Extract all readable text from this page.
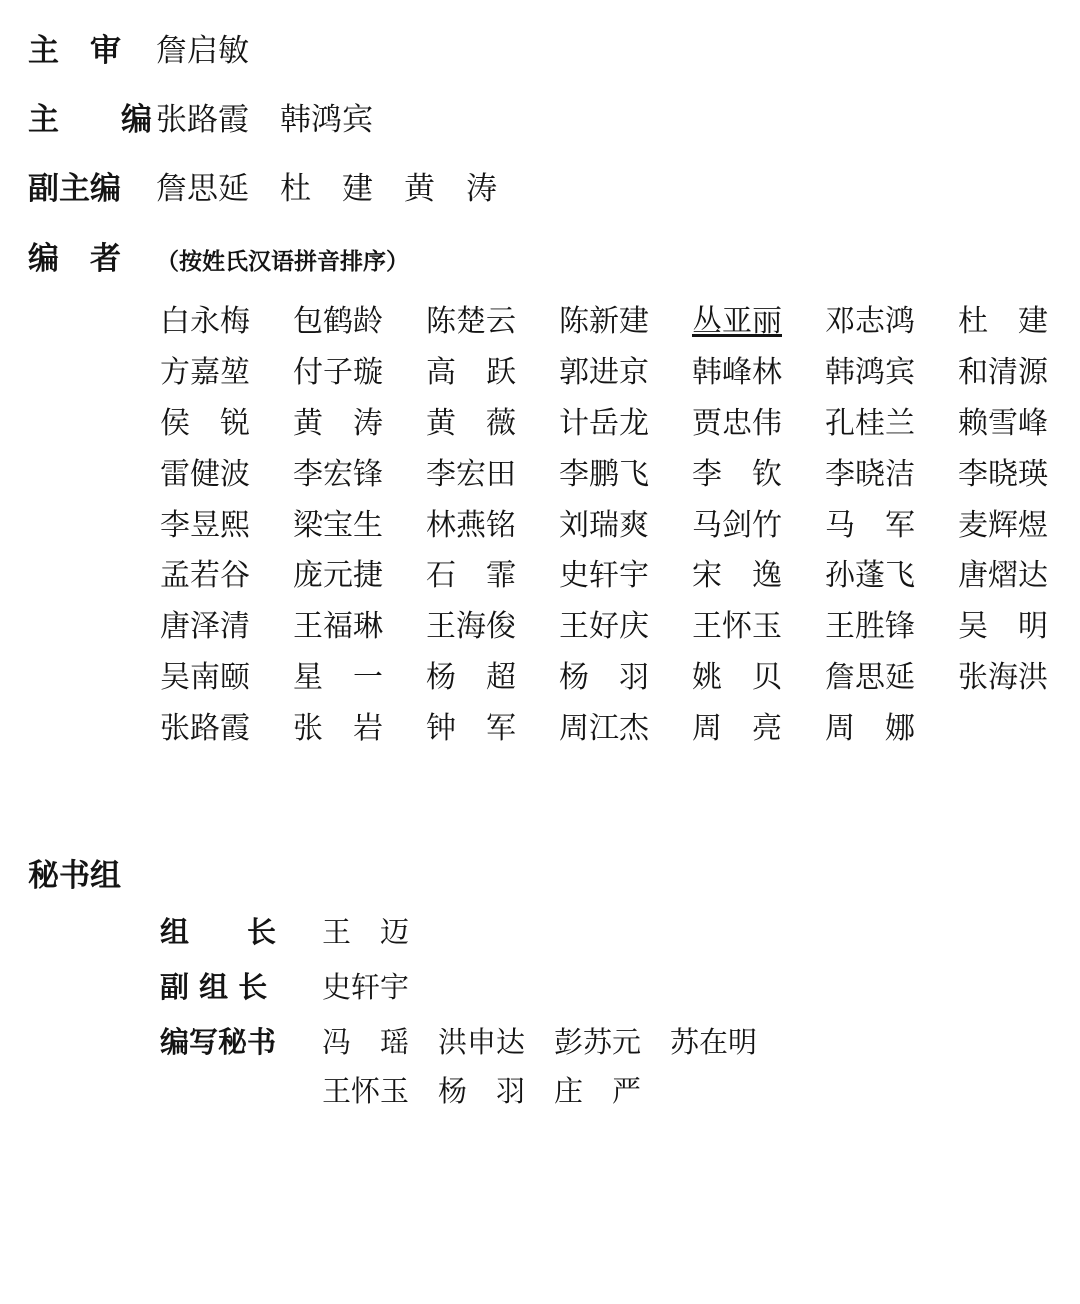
主　审	詹启敏
主　　编 张路霞　韩鸿宾
副主编	詹思延　杜　建　黄　涛
编　者	（按姓氏汉语拼音排序）
白永梅	包鹤龄	陈楚云	陈新建	丛亚丽	邓志鸿	杜　建
方嘉堃	付子璇	高　跃	郭进京	韩峰林	韩鸿宾	和清源
侯　锐	黄　涛	黄　薇	计岳龙	贾忠伟	孔桂兰	赖雪峰
雷健波	李宏锋	李宏田	李鹏飞	李　钦	李晓洁	李晓瑛
李昱熙	梁宝生	林燕铭	刘瑞爽	马剑竹	马　军	麦辉煜
孟若谷	庞元捷	石　霏	史轩宇	宋　逸	孙蓬飞	唐熠达
唐泽清	王福琳	王海俊	王好庆	王怀玉	王胜锋	吴　明
吴南颐	星　一	杨　超	杨　羽	姚　贝	詹思延	张海洪
张路霞	张　岩	钟　军	周江杰	周　亮	周　娜
秘书组
组　　长	王　迈
副 组 长	史轩宇
编写秘书	冯　瑶　洪申达　彭苏元　苏在明
王怀玉　杨　羽　庄　严
